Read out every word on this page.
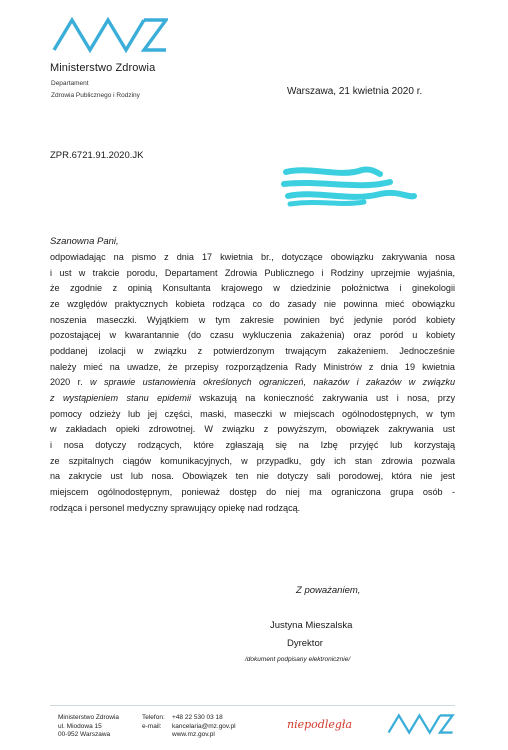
Ministerstwo Zdrowia
Departament
Zdrowia Publicznego i Rodziny	Warszawa, 21 kwietnia 2020 r.
ZPR.6721.91.2020.JK
Szanowna Pani,
odpowiadając na pismo z dnia 17 kwietnia br., dotyczące obowiązku zakrywania nosa
i ust w trakcie porodu, Departament Zdrowia Publicznego i Rodziny uprzejmie wyjaśnia,
że zgodnie z opinią Konsultanta krajowego w dziedzinie położnictwa i ginekologii
ze względów praktycznych kobieta rodząca co do zasady nie powinna mieć obowiązku
noszenia maseczki. Wyjątkiem w tym zakresie powinien być jedynie poród kobiety
pozostającej w kwarantannie (do czasu wykluczenia zakażenia) oraz poród u kobiety
poddanej izolacji w związku z potwierdzonym trwającym zakażeniem. Jednocześnie
należy mieć na uwadze, że przepisy rozporządzenia Rady Ministrów z dnia 19 kwietnia
2020 r. w sprawie ustanowienia określonych ograniczeń, nakazów i zakazów w związku
z wystąpieniem stanu epidemii wskazują na konieczność zakrywania ust i nosa, przy
pomocy odzieży lub jej części, maski, maseczki w miejscach ogólnodostępnych, w tym
w zakładach opieki zdrowotnej. W związku z powyższym, obowiązek zakrywania ust
i nosa dotyczy rodzących, które zgłaszają się na Izbę przyjęć lub korzystają
ze szpitalnych ciągów komunikacyjnych, w przypadku, gdy ich stan zdrowia pozwala
na zakrycie ust lub nosa. Obowiązek ten nie dotyczy sali porodowej, która nie jest
miejscem ogólnodostępnym, ponieważ dostęp do niej ma ograniczona grupa osób -
rodząca i personel medyczny sprawujący opiekę nad rodzącą.
Z poważaniem,
Justyna Mieszalska
Dyrektor
/dokument podpisany elektronicznie/
Ministerstwo Zdrowia
ul. Miodowa 15
00-952 Warszawa
Telefon: +48 22 530 03 18
e-mail: kancelaria@mz.gov.pl
www.mz.gov.pl
niepodległa
